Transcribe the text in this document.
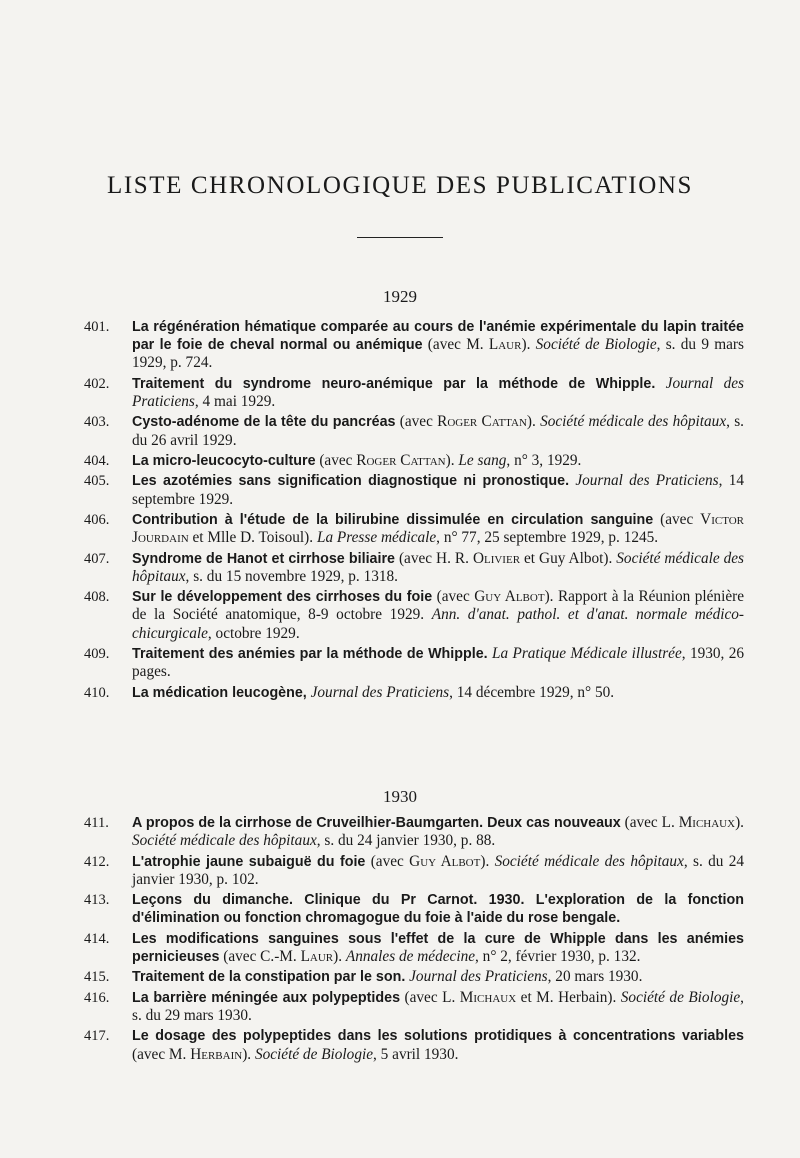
LISTE CHRONOLOGIQUE DES PUBLICATIONS
1929
401. La régénération hématique comparée au cours de l'anémie expérimentale du lapin traitée par le foie de cheval normal ou anémique (avec M. Laur). Société de Biologie, s. du 9 mars 1929, p. 724.
402. Traitement du syndrome neuro-anémique par la méthode de Whipple. Journal des Praticiens, 4 mai 1929.
403. Cysto-adénome de la tête du pancréas (avec Roger Cattan). Société médicale des hôpitaux, s. du 26 avril 1929.
404. La micro-leucocyto-culture (avec Roger Cattan). Le sang, n° 3, 1929.
405. Les azotémies sans signification diagnostique ni pronostique. Journal des Praticiens, 14 septembre 1929.
406. Contribution à l'étude de la bilirubine dissimulée en circulation sanguine (avec Victor Jourdain et Mlle D. Toisoul). La Presse médicale, n° 77, 25 septembre 1929, p. 1245.
407. Syndrome de Hanot et cirrhose biliaire (avec H. R. Olivier et Guy Albot). Société médicale des hôpitaux, s. du 15 novembre 1929, p. 1318.
408. Sur le développement des cirrhoses du foie (avec Guy Albot). Rapport à la Réunion plénière de la Société anatomique, 8-9 octobre 1929. Ann. d'anat. pathol. et d'anat. normale médico-chicurgicale, octobre 1929.
409. Traitement des anémies par la méthode de Whipple. La Pratique Médicale illustrée, 1930, 26 pages.
410. La médication leucogène, Journal des Praticiens, 14 décembre 1929, n° 50.
1930
411. A propos de la cirrhose de Cruveilhier-Baumgarten. Deux cas nouveaux (avec L. Michaux). Société médicale des hôpitaux, s. du 24 janvier 1930, p. 88.
412. L'atrophie jaune subaiguë du foie (avec Guy Albot). Société médicale des hôpitaux, s. du 24 janvier 1930, p. 102.
413. Leçons du dimanche. Clinique du Pr Carnot. 1930. L'exploration de la fonction d'élimination ou fonction chromagogue du foie à l'aide du rose bengale.
414. Les modifications sanguines sous l'effet de la cure de Whipple dans les anémies pernicieuses (avec C.-M. Laur). Annales de médecine, n° 2, février 1930, p. 132.
415. Traitement de la constipation par le son. Journal des Praticiens, 20 mars 1930.
416. La barrière méningée aux polypeptides (avec L. Michaux et M. Herbain). Société de Biologie, s. du 29 mars 1930.
417. Le dosage des polypeptides dans les solutions protidiques à concentrations variables (avec M. Herbain). Société de Biologie, 5 avril 1930.
